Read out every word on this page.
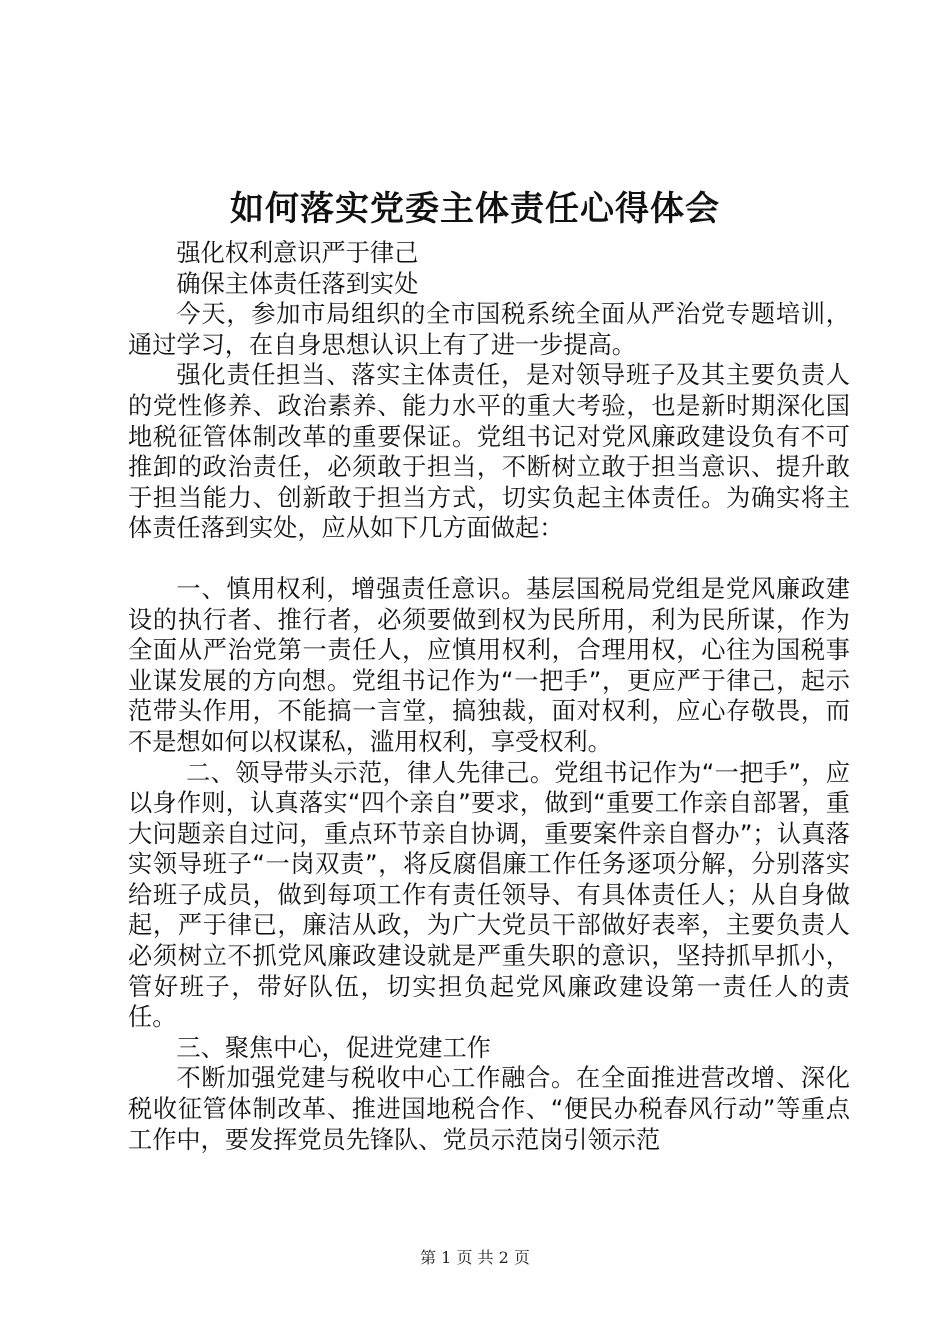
如何落实党委主体责任心得体会

强化权利意识严于律己

确保主体责任落到实处

今天，参加市局组织的全市国税系统全面从严治党专题培训，通过学习，在自身思想认识上有了进一步提高。

强化责任担当、落实主体责任，是对领导班子及其主要负责人的党性修养、政治素养、能力水平的重大考验，也是新时期深化国地税征管体制改革的重要保证。党组书记对党风廉政建设负有不可推卸的政治责任，必须敢于担当，不断树立敢于担当意识、提升敢于担当能力、创新敢于担当方式，切实负起主体责任。为确实将主体责任落到实处，应从如下几方面做起：

一、慎用权利，增强责任意识。基层国税局党组是党风廉政建设的执行者、推行者，必须要做到权为民所用，利为民所谋，作为全面从严治党第一责任人，应慎用权利，合理用权，心往为国税事业谋发展的方向想。党组书记作为“一把手”，更应严于律己，起示范带头作用，不能搞一言堂，搞独裁，面对权利，应心存敬畏，而不是想如何以权谋私，滥用权利，享受权利。

二、领导带头示范，律人先律己。党组书记作为“一把手”，应以身作则，认真落实“四个亲自”要求，做到“重要工作亲自部署，重大问题亲自过问，重点环节亲自协调，重要案件亲自督办”；认真落实领导班子“一岗双责”，将反腐倡廉工作任务逐项分解，分别落实给班子成员，做到每项工作有责任领导、有具体责任人；从自身做起，严于律已，廉洁从政，为广大党员干部做好表率，主要负责人必须树立不抓党风廉政建设就是严重失职的意识，坚持抓早抓小，管好班子，带好队伍，切实担负起党风廉政建设第一责任人的责任。

三、聚焦中心，促进党建工作

不断加强党建与税收中心工作融合。在全面推进营改增、深化税收征管体制改革、推进国地税合作、“便民办税春风行动”等重点工作中，要发挥党员先锋队、党员示范岗引领示范

第 1 页 共 2 页
